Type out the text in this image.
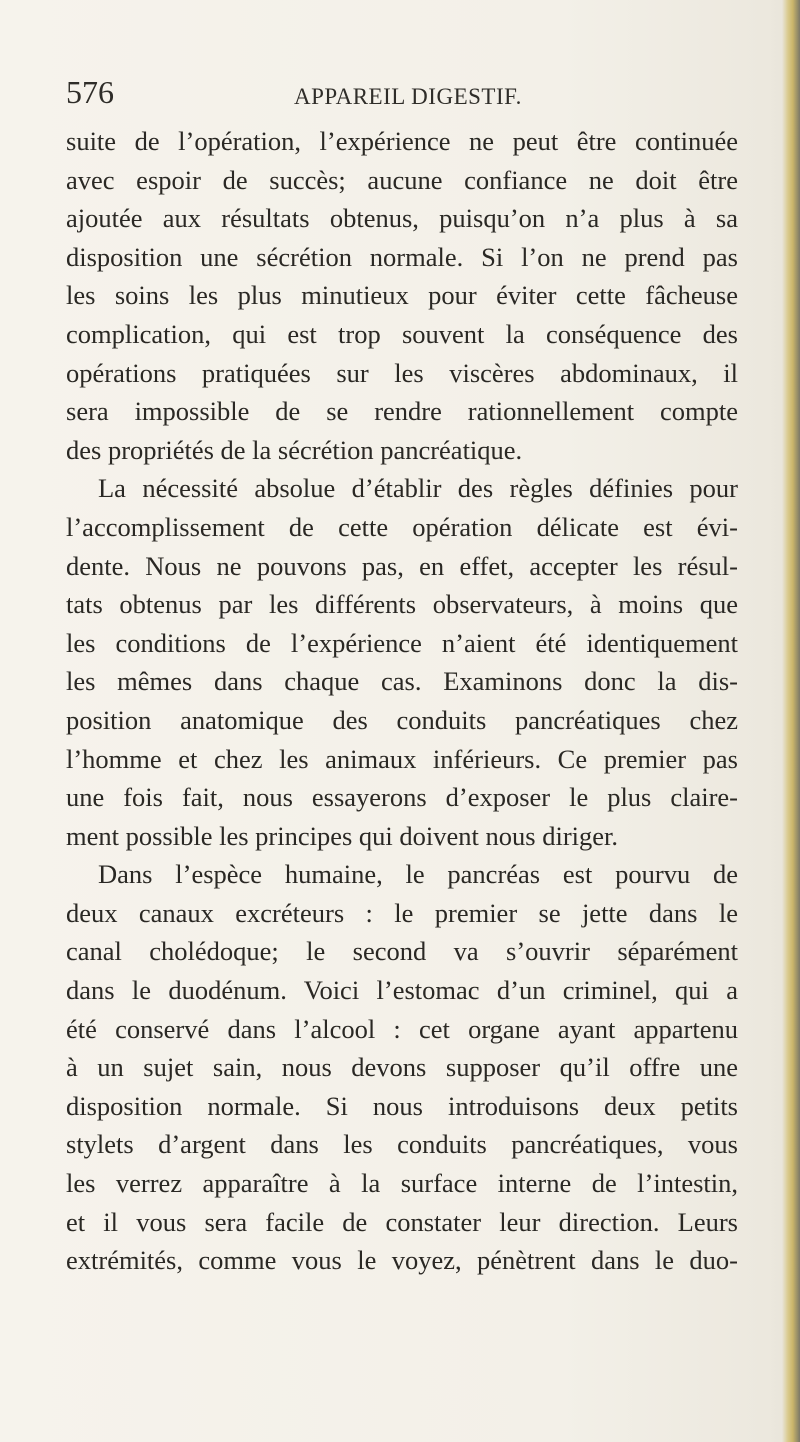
576	APPAREIL DIGESTIF.
suite de l’opération, l’expérience ne peut être continuée
avec espoir de succès; aucune confiance ne doit être
ajoutée aux résultats obtenus, puisqu’on n’a plus à sa
disposition une sécrétion normale. Si l’on ne prend pas
les soins les plus minutieux pour éviter cette fâcheuse
complication, qui est trop souvent la conséquence des
opérations pratiquées sur les viscères abdominaux, il
sera impossible de se rendre rationnellement compte
des propriétés de la sécrétion pancréatique.
La nécessité absolue d’établir des règles définies pour
l’accomplissement de cette opération délicate est évi-
dente. Nous ne pouvons pas, en effet, accepter les résul-
tats obtenus par les différents observateurs, à moins que
les conditions de l’expérience n’aient été identiquement
les mêmes dans chaque cas. Examinons donc la dis-
position anatomique des conduits pancréatiques chez
l’homme et chez les animaux inférieurs. Ce premier pas
une fois fait, nous essayerons d’exposer le plus claire-
ment possible les principes qui doivent nous diriger.
Dans l’espèce humaine, le pancréas est pourvu de
deux canaux excréteurs : le premier se jette dans le
canal cholédoque; le second va s’ouvrir séparément
dans le duodénum. Voici l’estomac d’un criminel, qui a
été conservé dans l’alcool : cet organe ayant appartenu
à un sujet sain, nous devons supposer qu’il offre une
disposition normale. Si nous introduisons deux petits
stylets d’argent dans les conduits pancréatiques, vous
les verrez apparaître à la surface interne de l’intestin,
et il vous sera facile de constater leur direction. Leurs
extrémités, comme vous le voyez, pénètrent dans le duo-
